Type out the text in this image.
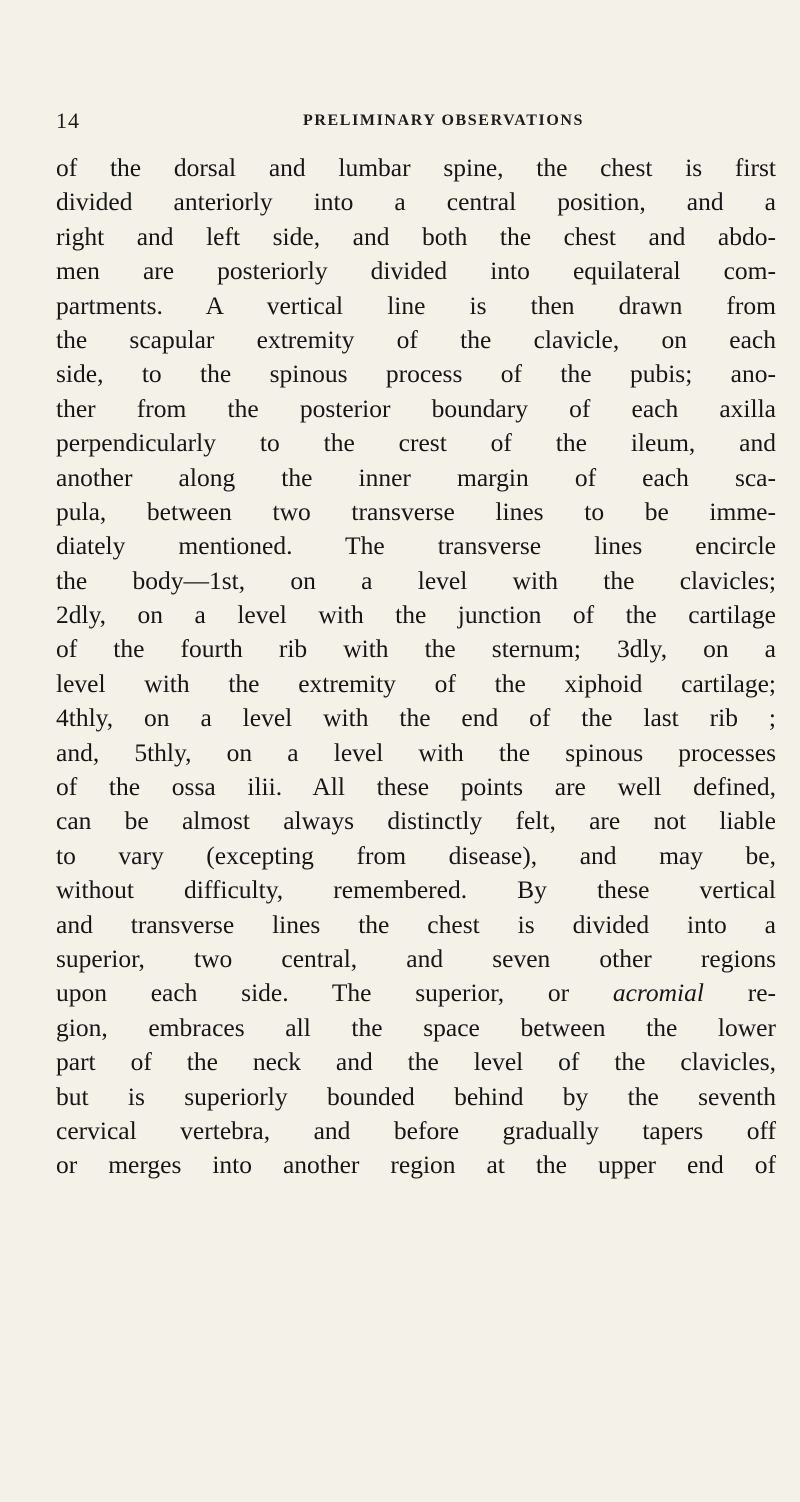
14	PRELIMINARY OBSERVATIONS
of the dorsal and lumbar spine, the chest is first
divided anteriorly into a central position, and a
right and left side, and both the chest and abdo-
men are posteriorly divided into equilateral com-
partments. A vertical line is then drawn from
the scapular extremity of the clavicle, on each
side, to the spinous process of the pubis; ano-
ther from the posterior boundary of each axilla
perpendicularly to the crest of the ileum, and
another along the inner margin of each sca-
pula, between two transverse lines to be imme-
diately mentioned. The transverse lines encircle
the body—1st, on a level with the clavicles;
2dly, on a level with the junction of the cartilage
of the fourth rib with the sternum; 3dly, on a
level with the extremity of the xiphoid cartilage;
4thly, on a level with the end of the last rib ;
and, 5thly, on a level with the spinous processes
of the ossa ilii. All these points are well defined,
can be almost always distinctly felt, are not liable
to vary (excepting from disease), and may be,
without difficulty, remembered. By these vertical
and transverse lines the chest is divided into a
superior, two central, and seven other regions
upon each side. The superior, or acromial re-
gion, embraces all the space between the lower
part of the neck and the level of the clavicles,
but is superiorly bounded behind by the seventh
cervical vertebra, and before gradually tapers off
or merges into another region at the upper end of
